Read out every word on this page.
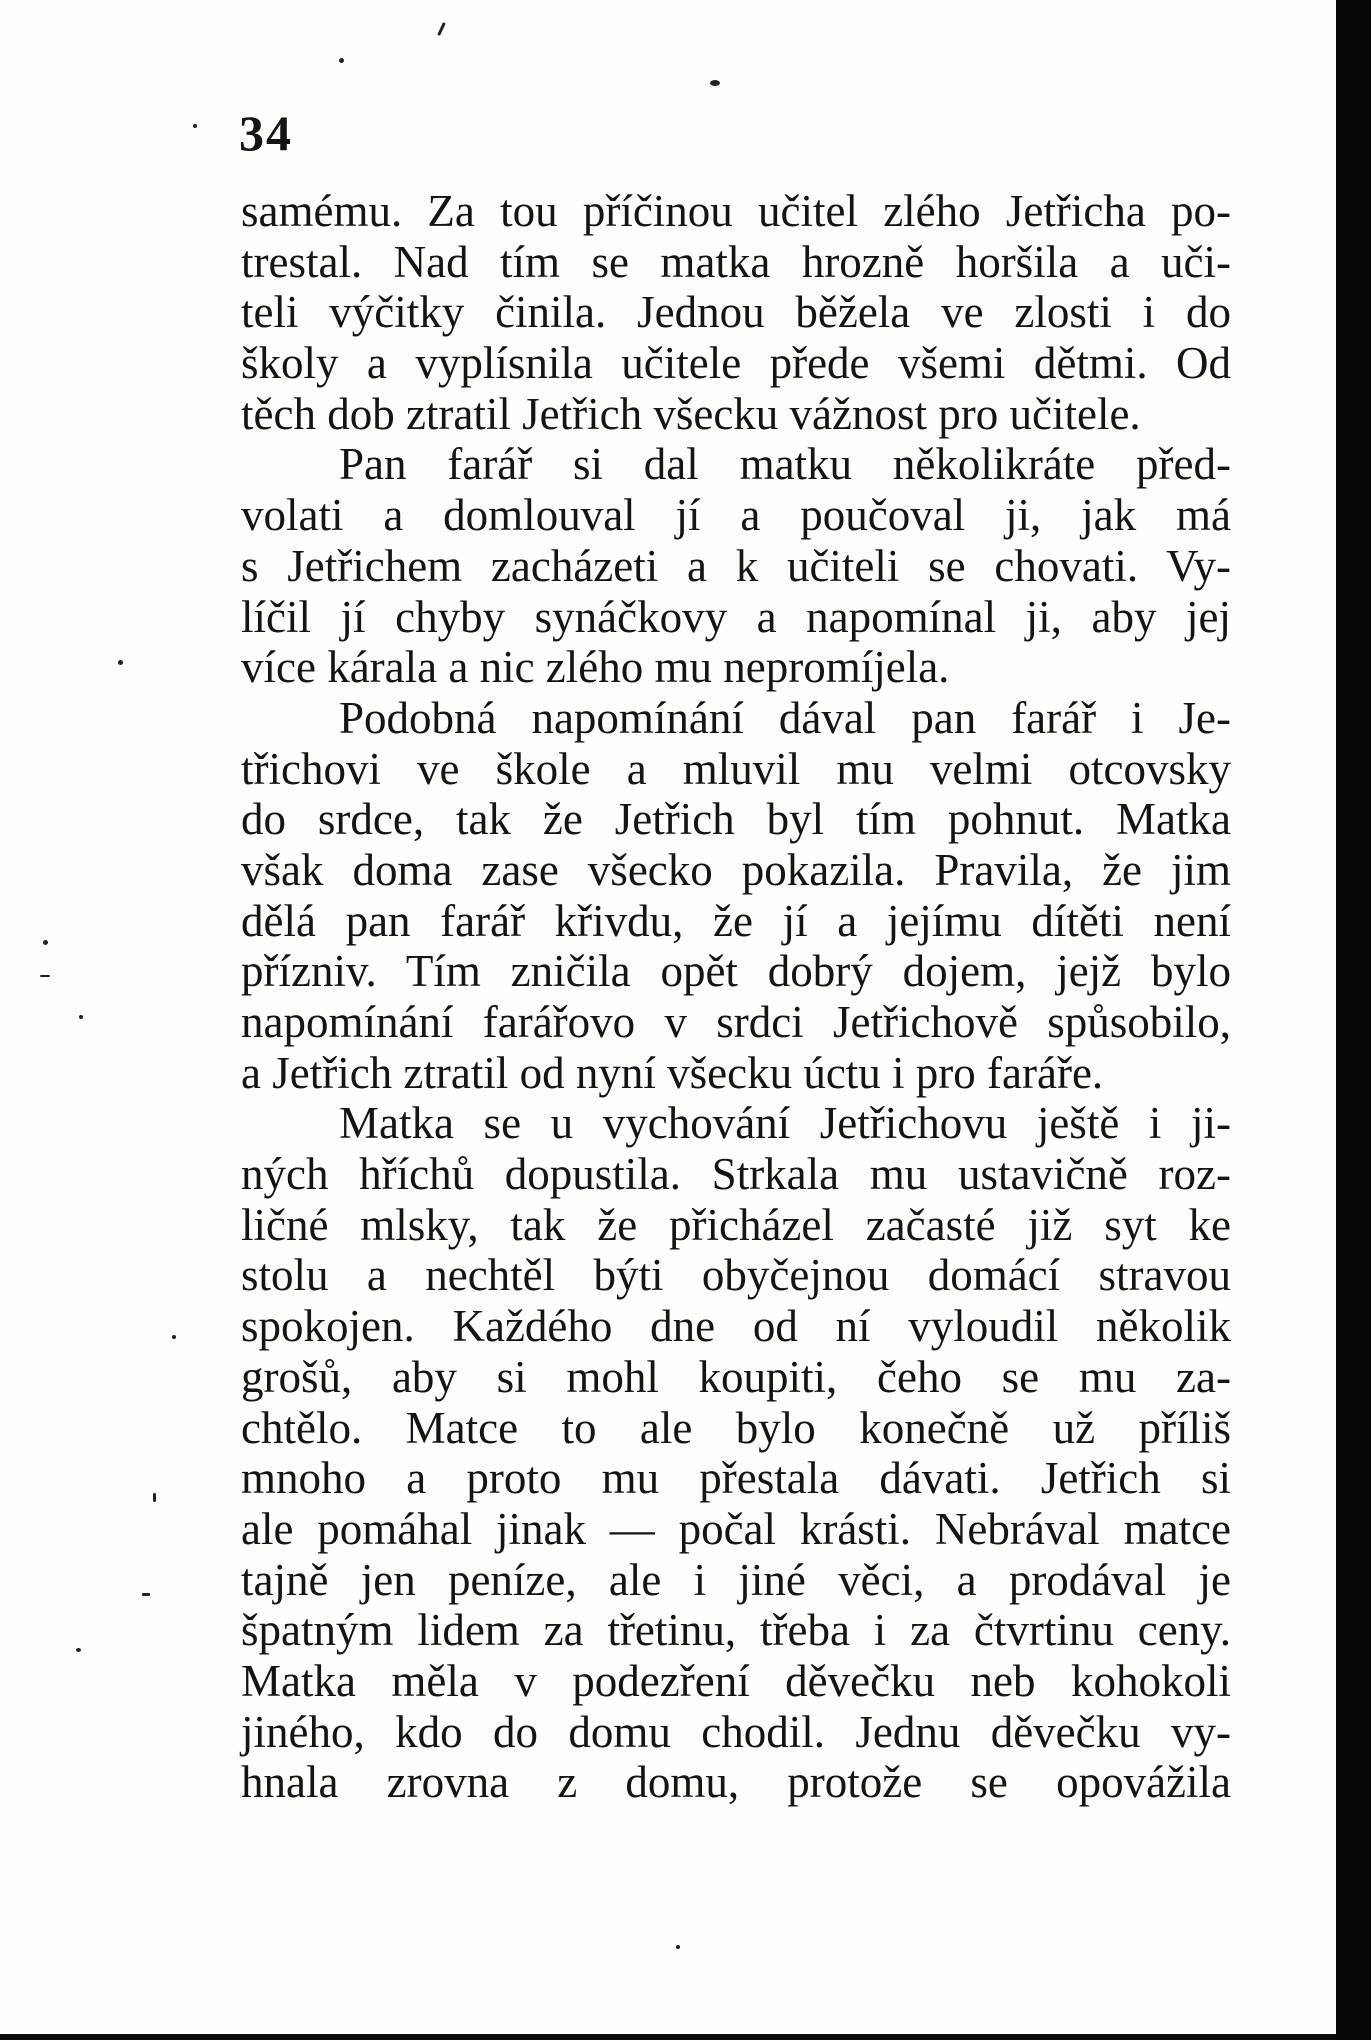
34
samému. Za tou příčinou učitel zlého Jetřicha po-
trestal. Nad tím se matka hrozně horšila a uči-
teli výčitky činila. Jednou běžela ve zlosti i do
školy a vyplísnila učitele přede všemi dětmi. Od
těch dob ztratil Jetřich všecku vážnost pro učitele.
Pan farář si dal matku několikráte před-
volati a domlouval jí a poučoval ji, jak má
s Jetřichem zacházeti a k učiteli se chovati. Vy-
líčil jí chyby synáčkovy a napomínal ji, aby jej
více kárala a nic zlého mu nepromíjela.
Podobná napomínání dával pan farář i Je-
třichovi ve škole a mluvil mu velmi otcovsky
do srdce, tak že Jetřich byl tím pohnut. Matka
však doma zase všecko pokazila. Pravila, že jim
dělá pan farář křivdu, že jí a jejímu dítěti není
přízniv. Tím zničila opět dobrý dojem, jejž bylo
napomínání farářovo v srdci Jetřichově spůsobilo,
a Jetřich ztratil od nyní všecku úctu i pro faráře.
Matka se u vychování Jetřichovu ještě i ji-
ných hříchů dopustila. Strkala mu ustavičně roz-
ličné mlsky, tak že přicházel začasté již syt ke
stolu a nechtěl býti obyčejnou domácí stravou
spokojen. Každého dne od ní vyloudil několik
grošů, aby si mohl koupiti, čeho se mu za-
chtělo. Matce to ale bylo konečně už příliš
mnoho a proto mu přestala dávati. Jetřich si
ale pomáhal jinak — počal krásti. Nebrával matce
tajně jen peníze, ale i jiné věci, a prodával je
špatným lidem za třetinu, třeba i za čtvrtinu ceny.
Matka měla v podezření děvečku neb kohokoli
jiného, kdo do domu chodil. Jednu děvečku vy-
hnala zrovna z domu, protože se opovážila
